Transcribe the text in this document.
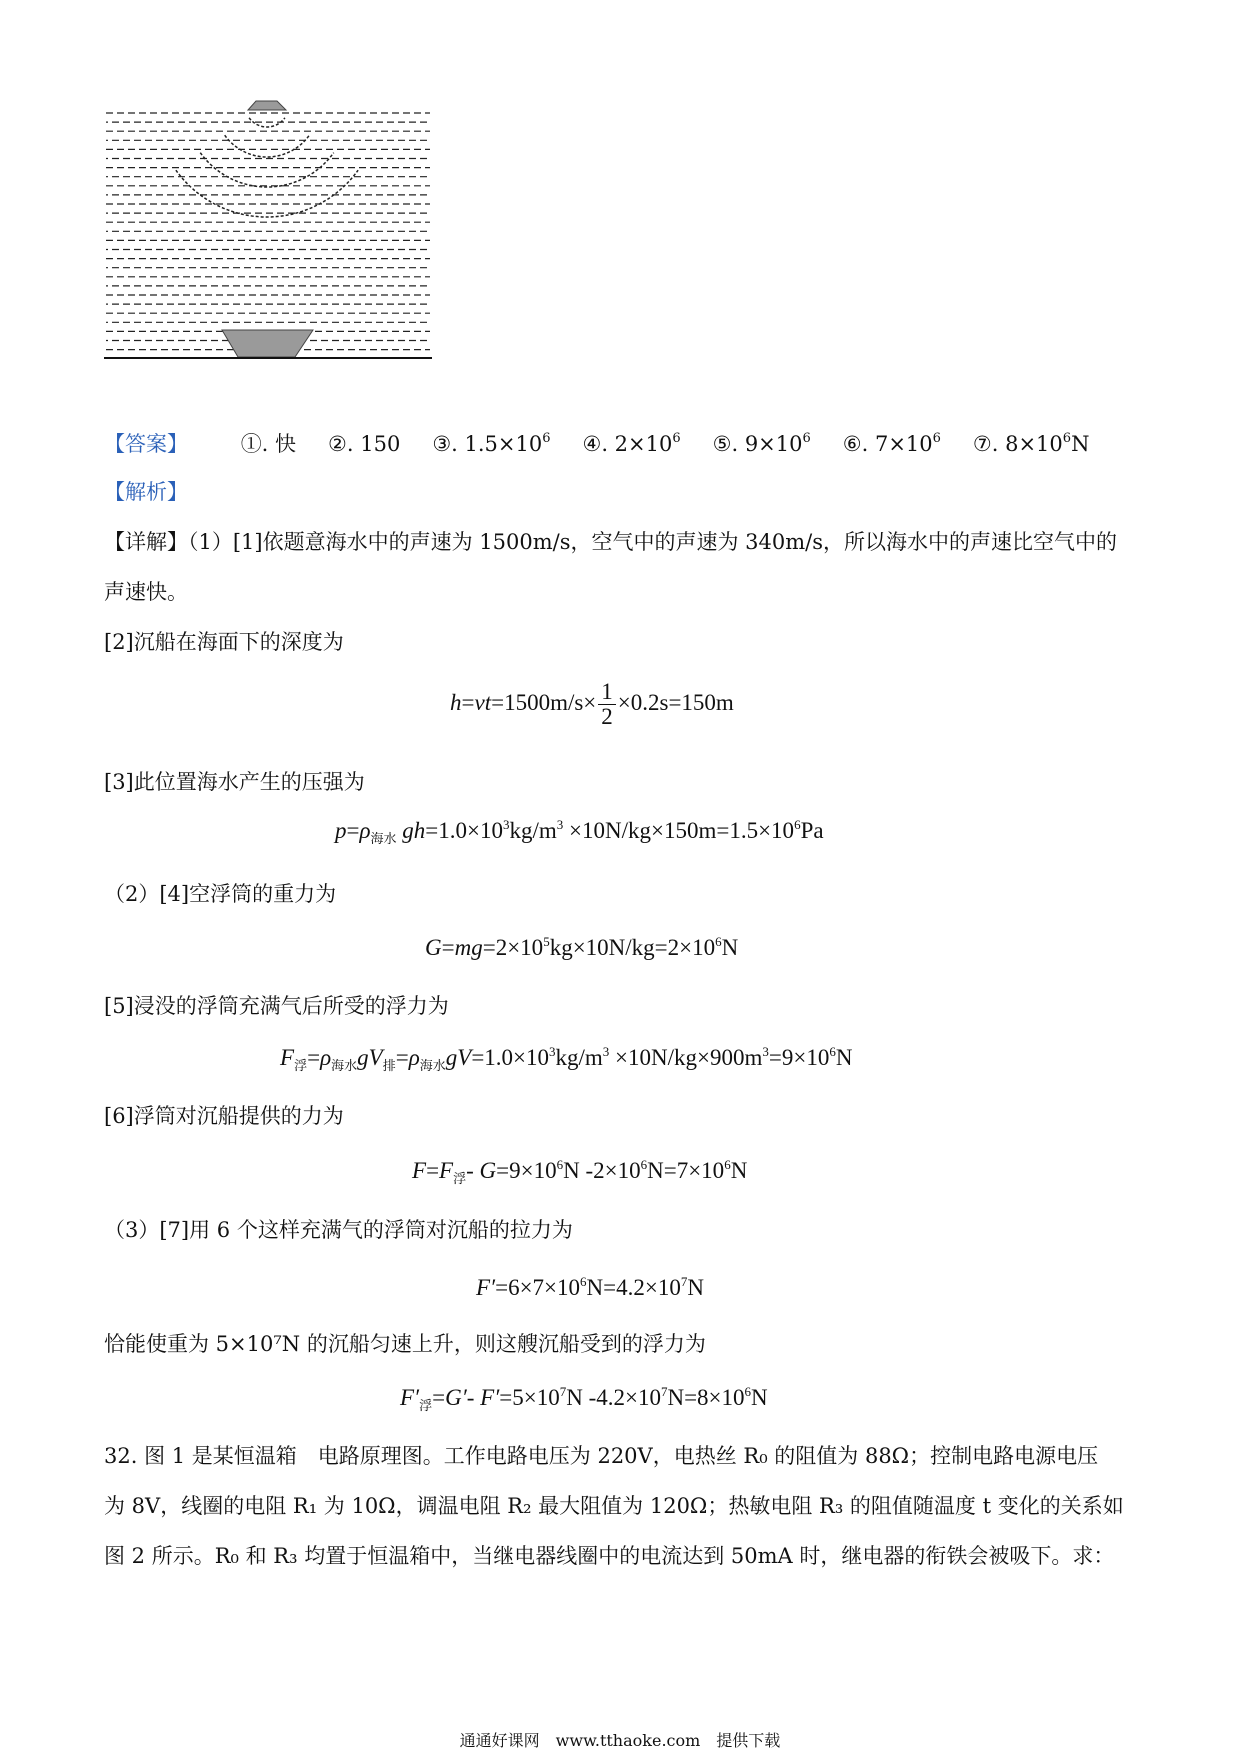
【答案】	①. 快 ②. 150 ③. $1.5\times 10^6$ ④. $2\times 10^6$ ⑤. $9\times 10^6$ ⑥. $7\times 10^6$ ⑦. $8\times 10^6N$
【解析】
【详解】（1）[1]依题意海水中的声速为 1500m/s，空气中的声速为 340m/s，所以海水中的声速比空气中的
声速快。
[2]沉船在海面下的深度为
$h=vt=1500m/s\times \frac{1}{2} \times 0.2s=150m$
[3]此位置海水产生的压强为
$p=\rho_{海水}$ $gh=1.0\times 10^3kg/m^3 \times 10N/kg\times 150m=1.5\times 10^6Pa$
（2）[4]空浮筒的重力为
$G=mg=2\times 10^5kg\times 10N/kg=2\times 10^6N$
[5]浸没的浮筒充满气后所受的浮力为
$F_浮=\rho_{海水}gV_排=\rho_{海水}gV=1.0\times 10^3kg/m^3 \times 10N/kg\times 900m^3=9\times 10^6N$
[6]浮筒对沉船提供的力为
$F=F_浮-$ $G=9\times 10^6N$ $-2\times 10^6N=7\times 10^6N$
（3）[7]用 6 个这样充满气的浮筒对沉船的拉力为
$F'=6\times 7\times 10^6N=4.2\times 10^7N$
恰能使重为 5×10⁷N 的沉船匀速上升，则这艘沉船受到的浮力为
$F'_浮=G'-$ $F'=5\times 10^7N$ $-4.2\times 10^7N=8\times 10^6N$
32. 图 1 是某恒温箱　电路原理图。工作电路电压为 220V，电热丝 R₀ 的阻值为 88Ω；控制电路电源电压
为 8V，线圈的电阻 R₁ 为 10Ω，调温电阻 R₂ 最大阻值为 120Ω；热敏电阻 R₃ 的阻值随温度 t 变化的关系如
图 2 所示。R₀ 和 R₃ 均置于恒温箱中，当继电器线圈中的电流达到 50mA 时，继电器的衔铁会被吸下。求：
通通好课网　www.tthaoke.com　提供下载
